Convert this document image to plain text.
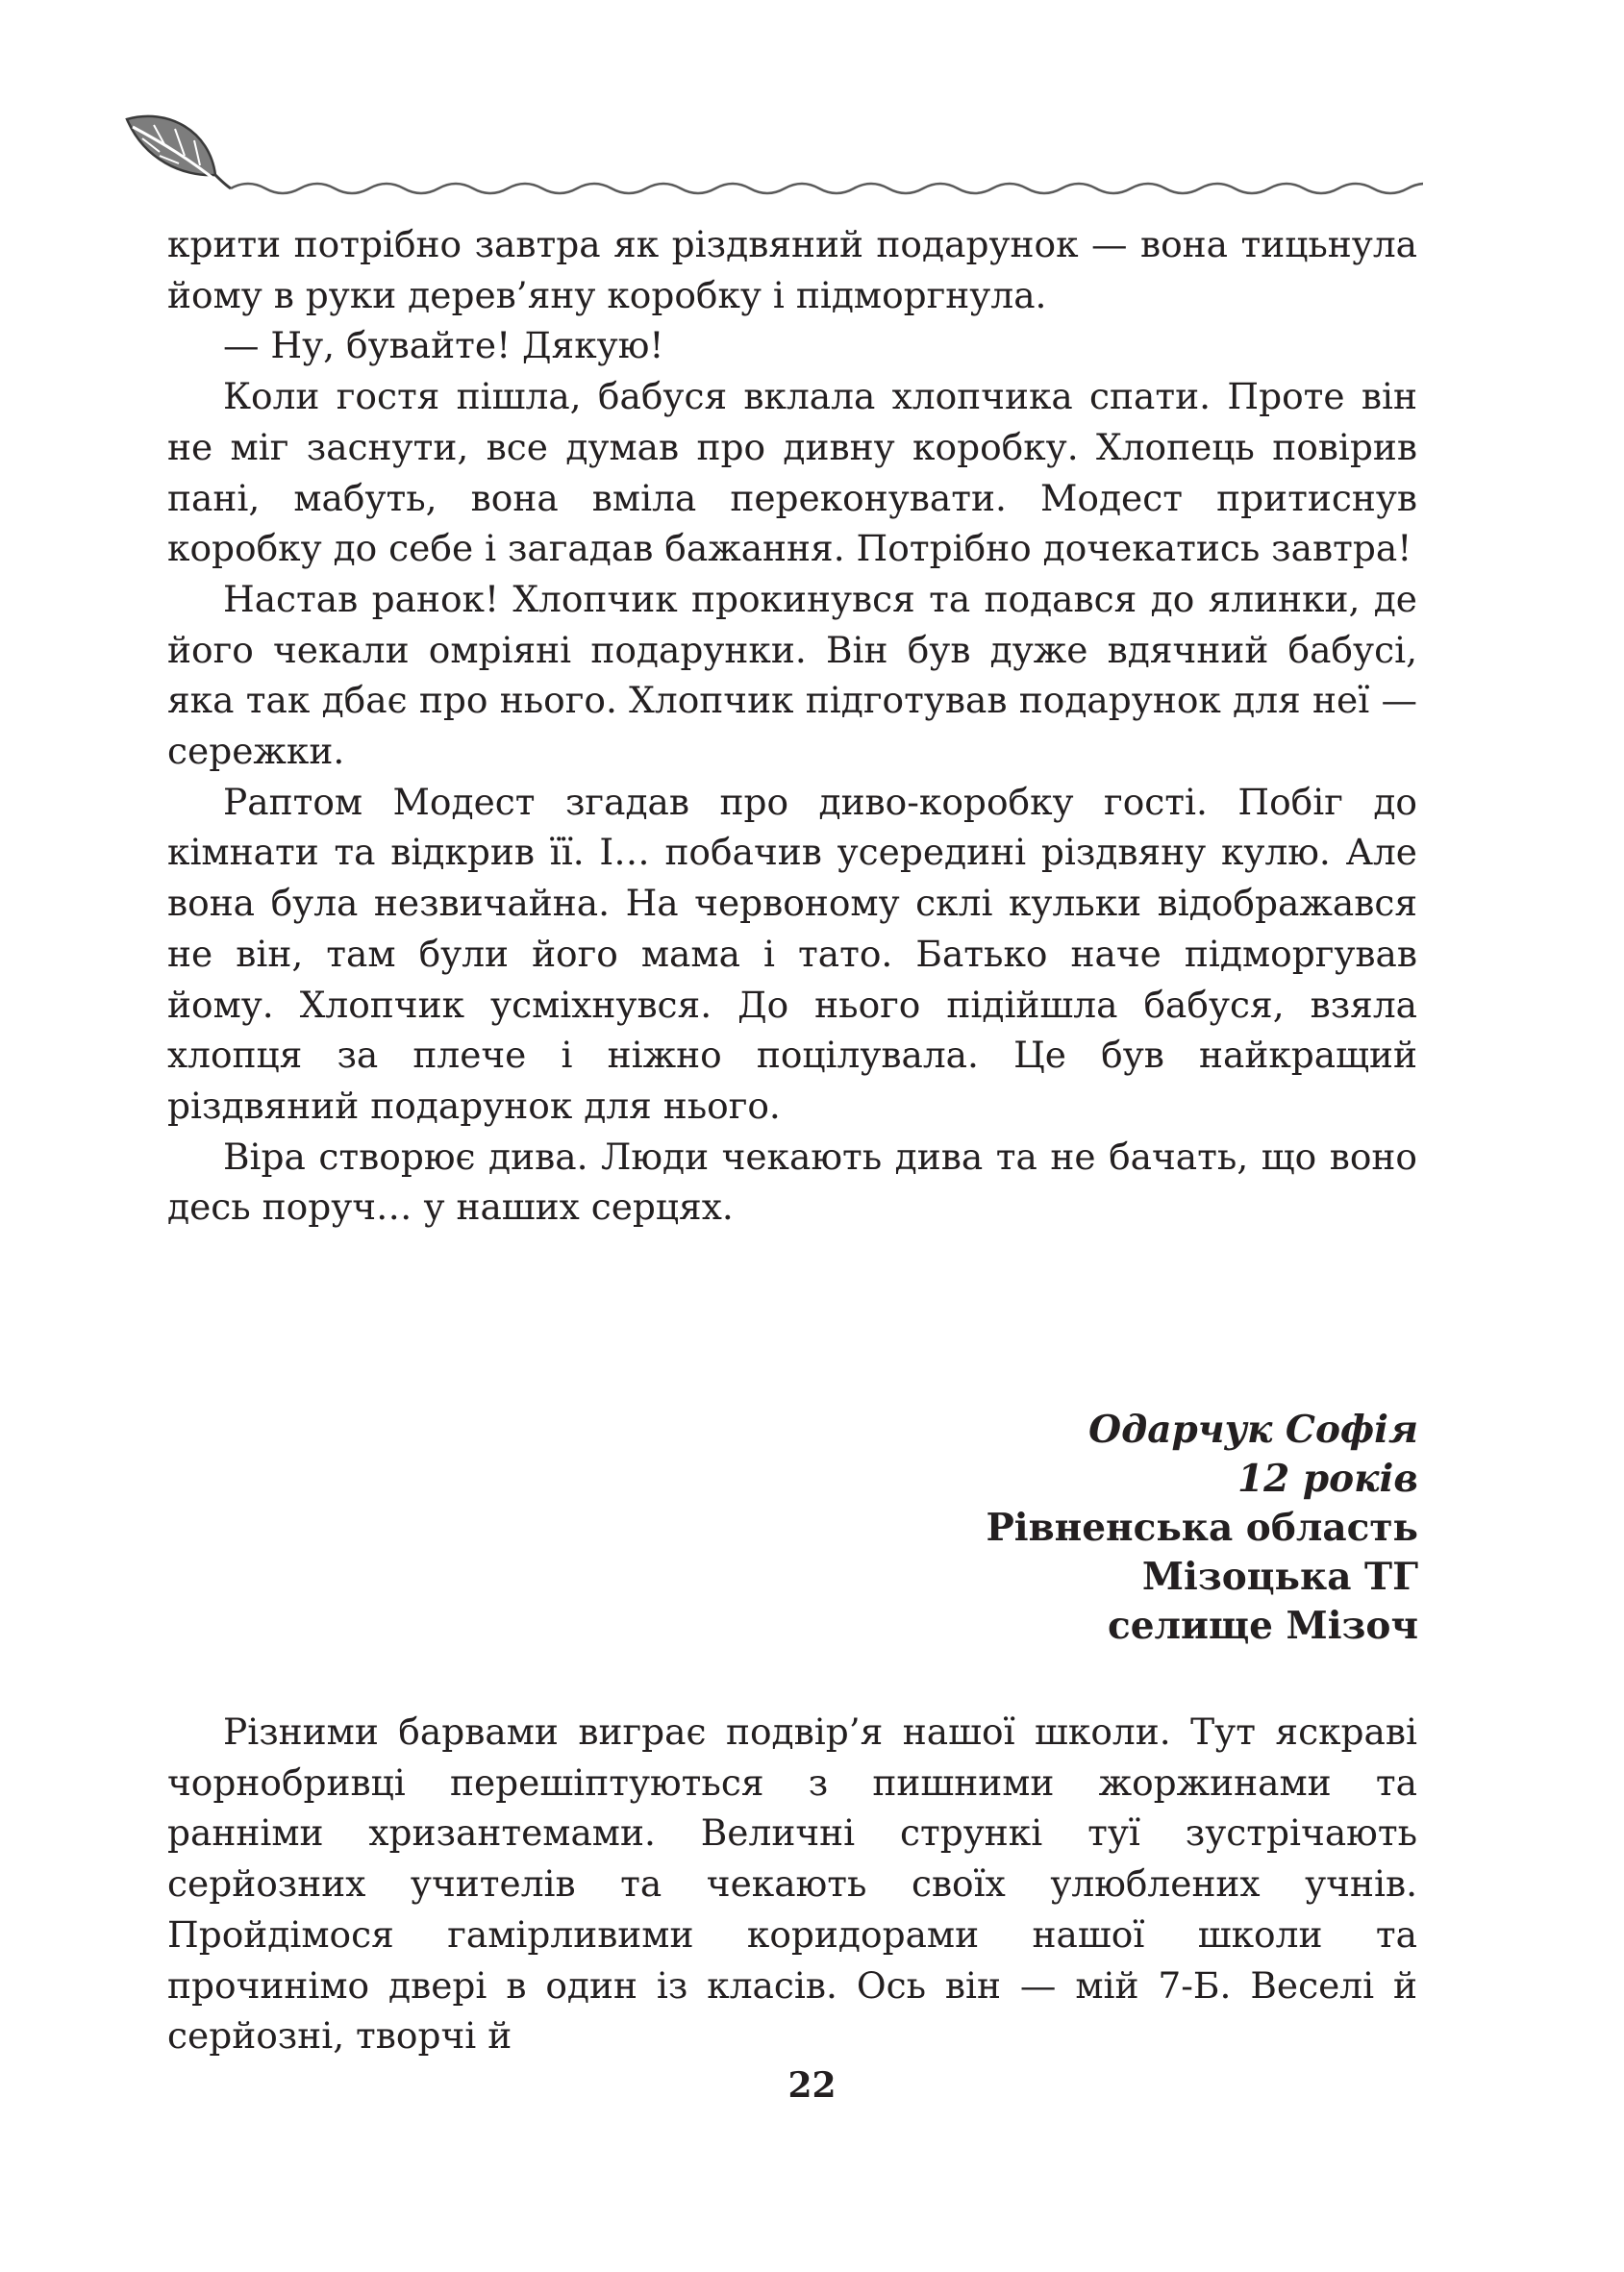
крити потрібно завтра як різдвяний подарунок — вона тицьнула йому в руки дерев’яну коробку і підморгнула.

— Ну, бувайте! Дякую!

Коли гостя пішла, бабуся вклала хлопчика спати. Проте він не міг заснути, все думав про дивну коробку. Хлопець повірив пані, мабуть, вона вміла переконувати. Модест притиснув коробку до себе і загадав бажання. Потрібно дочекатись завтра!

Настав ранок! Хлопчик прокинувся та подався до ялинки, де його чекали омріяні подарунки. Він був дуже вдячний бабусі, яка так дбає про нього. Хлопчик підготував подарунок для неї — сережки.

Раптом Модест згадав про диво-коробку гості. Побіг до кімнати та відкрив її. І… побачив усередині різдвяну кулю. Але вона була незвичайна. На червоному склі кульки відображався не він, там були його мама і тато. Батько наче підморгував йому. Хлопчик усміхнувся. До нього підійшла бабуся, взяла хлопця за плече і ніжно поцілувала. Це був найкращий різдвяний подарунок для нього.

Віра створює дива. Люди чекають дива та не бачать, що воно десь поруч… у наших серцях.

Одарчук Софія
12 років
Рівненська область
Мізоцька ТГ
селище Мізоч

Різними барвами виграє подвір’я нашої школи. Тут яскраві чорнобривці перешіптуються з пишними жоржинами та ранніми хризантемами. Величні стрункі туї зустрічають серйозних учителів та чекають своїх улюблених учнів. Пройдімося гамірливими коридорами нашої школи та прочинімо двері в один із класів. Ось він — мій 7-Б. Веселі й серйозні, творчі й

22
